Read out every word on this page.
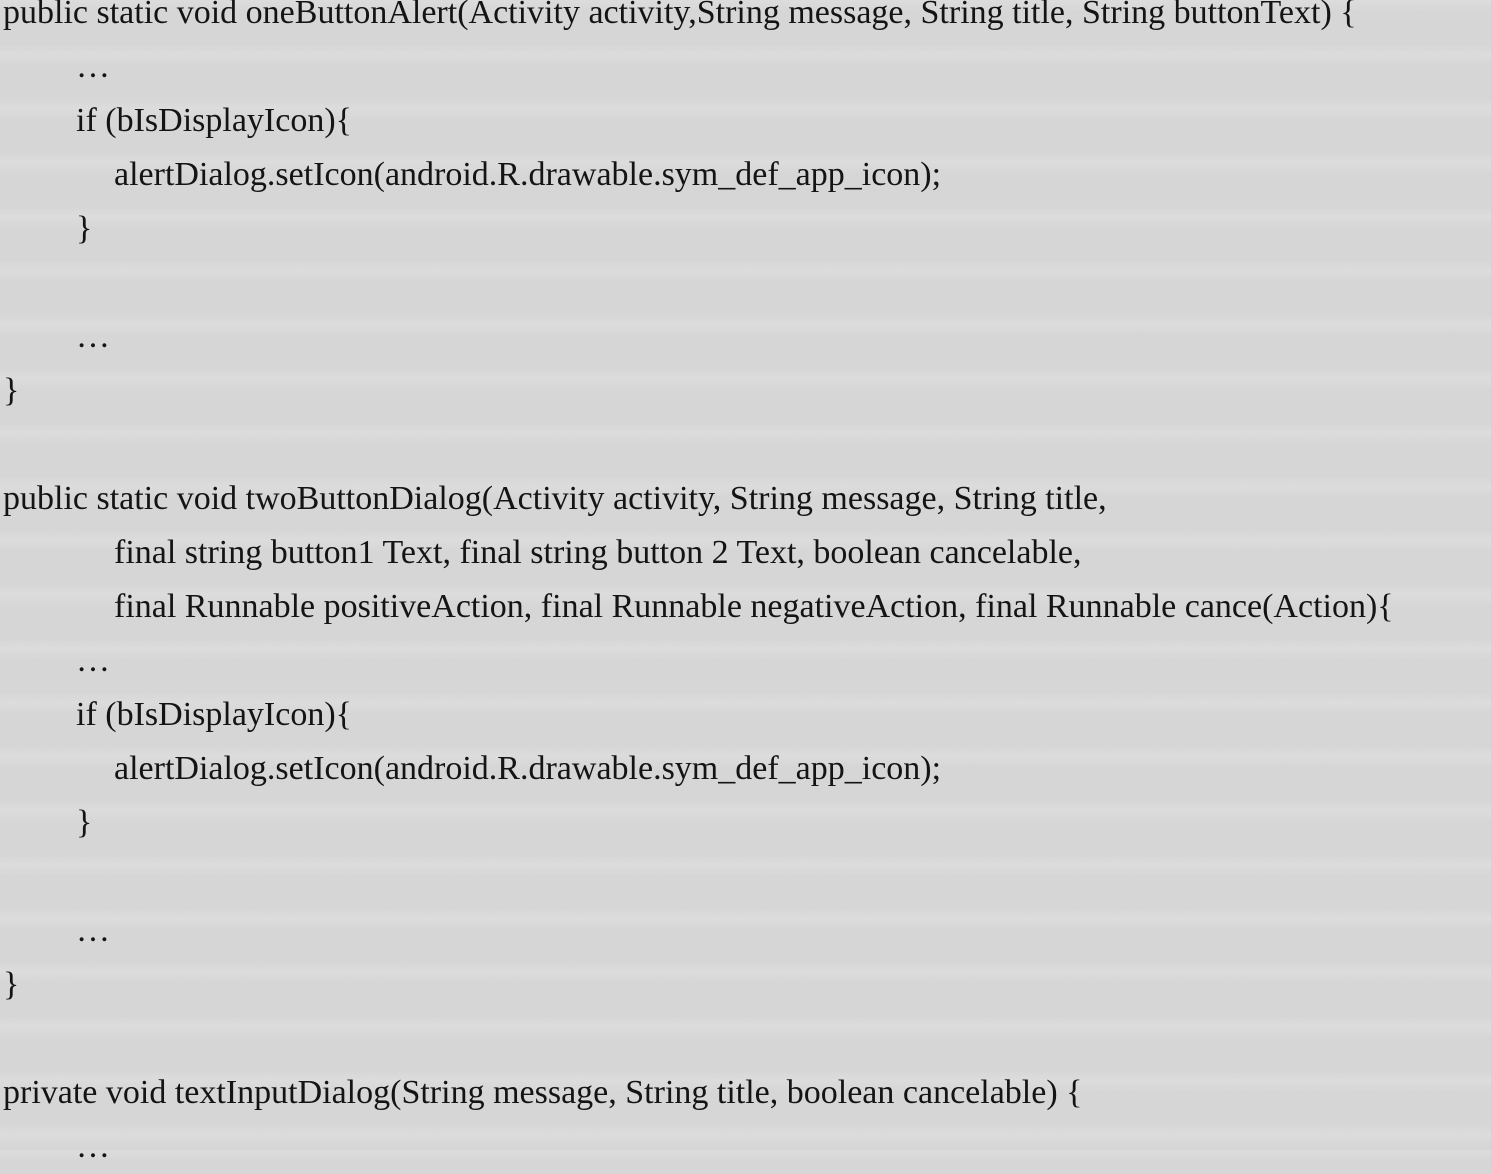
public static void oneButtonAlert(Activity activity,String message, String title, String buttonText) {
…
if (bIsDisplayIcon){
alertDialog.setIcon(android.R.drawable.sym_def_app_icon);
}
…
}
public static void twoButtonDialog(Activity activity, String message, String title,
final string button1 Text, final string button 2 Text, boolean cancelable,
final Runnable positiveAction, final Runnable negativeAction, final Runnable cance(Action){
…
if (bIsDisplayIcon){
alertDialog.setIcon(android.R.drawable.sym_def_app_icon);
}
…
}
private void textInputDialog(String message, String title, boolean cancelable) {
…
